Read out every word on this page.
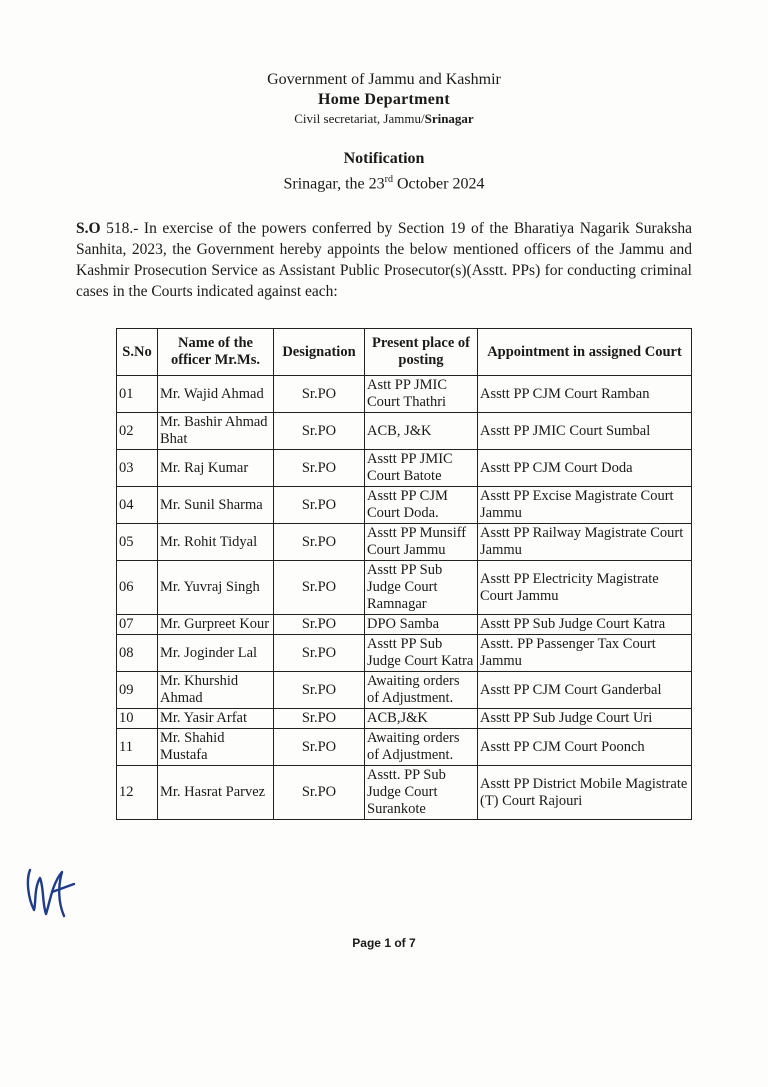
Government of Jammu and Kashmir
Home Department
Civil secretariat, Jammu/Srinagar
Notification
Srinagar, the 23rd October 2024
S.O 518.- In exercise of the powers conferred by Section 19 of the Bharatiya Nagarik Suraksha Sanhita, 2023, the Government hereby appoints the below mentioned officers of the Jammu and Kashmir Prosecution Service as Assistant Public Prosecutor(s)(Asstt. PPs) for conducting criminal cases in the Courts indicated against each:
S.No	Name of the officer Mr.Ms.	Designation	Present place of posting	Appointment in assigned Court
01	Mr. Wajid Ahmad	Sr.PO	Astt PP JMIC Court Thathri	Asstt PP CJM Court Ramban
02	Mr. Bashir Ahmad Bhat	Sr.PO	ACB, J&K	Asstt PP JMIC Court Sumbal
03	Mr. Raj Kumar	Sr.PO	Asstt PP JMIC Court Batote	Asstt PP CJM Court Doda
04	Mr. Sunil Sharma	Sr.PO	Asstt PP CJM Court Doda.	Asstt PP Excise Magistrate Court Jammu
05	Mr. Rohit Tidyal	Sr.PO	Asstt PP Munsiff Court Jammu	Asstt PP Railway Magistrate Court Jammu
06	Mr. Yuvraj Singh	Sr.PO	Asstt PP Sub Judge Court Ramnagar	Asstt PP Electricity Magistrate Court Jammu
07	Mr. Gurpreet Kour	Sr.PO	DPO Samba	Asstt PP Sub Judge Court Katra
08	Mr. Joginder Lal	Sr.PO	Asstt PP Sub Judge Court Katra	Asstt. PP Passenger Tax Court Jammu
09	Mr. Khurshid Ahmad	Sr.PO	Awaiting orders of Adjustment.	Asstt PP CJM Court Ganderbal
10	Mr. Yasir Arfat	Sr.PO	ACB,J&K	Asstt PP Sub Judge Court Uri
11	Mr. Shahid Mustafa	Sr.PO	Awaiting orders of Adjustment.	Asstt PP CJM Court Poonch
12	Mr. Hasrat Parvez	Sr.PO	Asstt. PP Sub Judge Court Surankote	Asstt PP District Mobile Magistrate (T) Court Rajouri
Page 1 of 7
